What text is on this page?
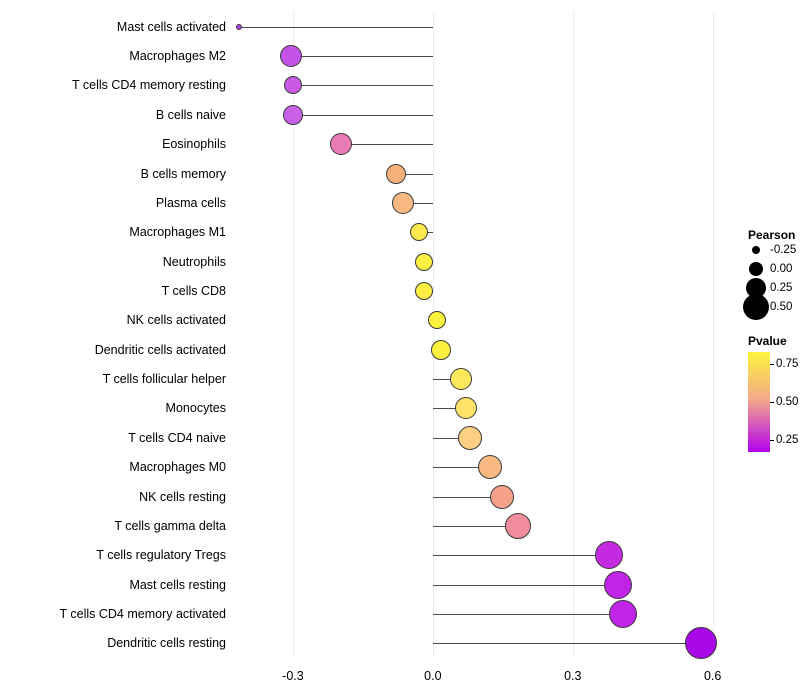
Mast cells activated
Macrophages M2
T cells CD4 memory resting
B cells naive
Eosinophils
B cells memory
Plasma cells
Macrophages M1
Neutrophils
T cells CD8
NK cells activated
Dendritic cells activated
T cells follicular helper
Monocytes
T cells CD4 naive
Macrophages M0
NK cells resting
T cells gamma delta
T cells regulatory Tregs
Mast cells resting
T cells CD4 memory activated
Dendritic cells resting
-0.3	0.0	0.3	0.6
Pearson
-0.25
0.00
0.25
0.50
Pvalue
0.75
0.50
0.25
